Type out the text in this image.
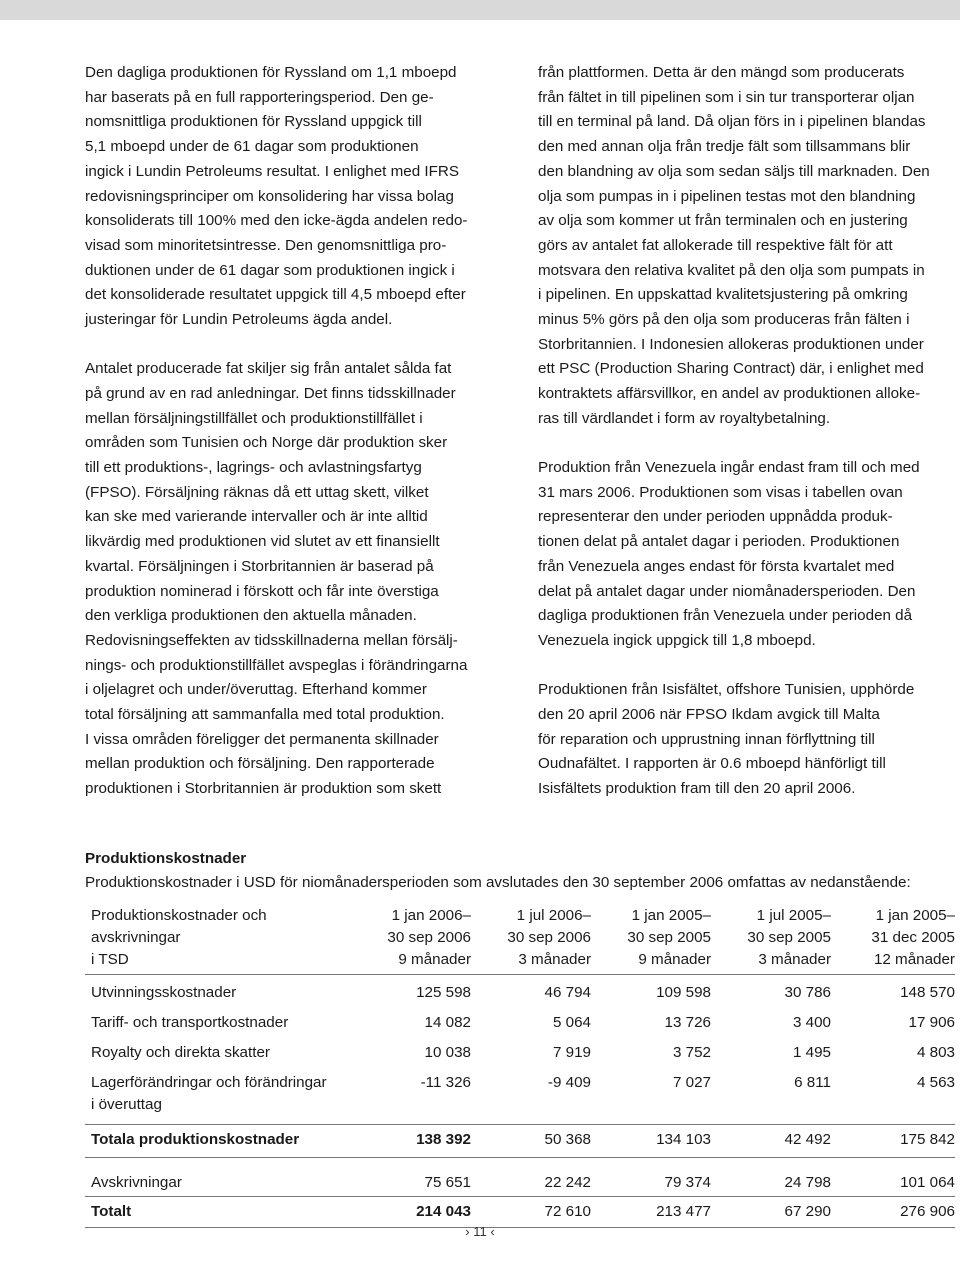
Den dagliga produktionen för Ryssland om 1,1 mboepd
har baserats på en full rapporteringsperiod. Den ge-
nomsnittliga produktionen för Ryssland uppgick till
5,1 mboepd under de 61 dagar som produktionen
ingick i Lundin Petroleums resultat. I enlighet med IFRS
redovisningsprinciper om konsolidering har vissa bolag
konsoliderats till 100% med den icke-ägda andelen redo-
visad som minoritetsintresse. Den genomsnittliga pro-
duktionen under de 61 dagar som produktionen ingick i
det konsoliderade resultatet uppgick till 4,5 mboepd efter
justeringar för Lundin Petroleums ägda andel.

Antalet producerade fat skiljer sig från antalet sålda fat
på grund av en rad anledningar. Det finns tidsskillnader
mellan försäljningstillfället och produktionstillfället i
områden som Tunisien och Norge där produktion sker
till ett produktions-, lagrings- och avlastningsfartyg
(FPSO). Försäljning räknas då ett uttag skett, vilket
kan ske med varierande intervaller och är inte alltid
likvärdig med produktionen vid slutet av ett finansiellt
kvartal. Försäljningen i Storbritannien är baserad på
produktion nominerad i förskott och får inte överstiga
den verkliga produktionen den aktuella månaden.
Redovisningseffekten av tidsskillnaderna mellan försälj-
nings- och produktionstillfället avspeglas i förändringarna
i oljelagret och under/överuttag. Efterhand kommer
total försäljning att sammanfalla med total produktion.
I vissa områden föreligger det permanenta skillnader
mellan produktion och försäljning. Den rapporterade
produktionen i Storbritannien är produktion som skett

från plattformen. Detta är den mängd som producerats
från fältet in till pipelinen som i sin tur transporterar oljan
till en terminal på land. Då oljan förs in i pipelinen blandas
den med annan olja från tredje fält som tillsammans blir
den blandning av olja som sedan säljs till marknaden. Den
olja som pumpas in i pipelinen testas mot den blandning
av olja som kommer ut från terminalen och en justering
görs av antalet fat allokerade till respektive fält för att
motsvara den relativa kvalitet på den olja som pumpats in
i pipelinen. En uppskattad kvalitetsjustering på omkring
minus 5% görs på den olja som produceras från fälten i
Storbritannien. I Indonesien allokeras produktionen under
ett PSC (Production Sharing Contract) där, i enlighet med
kontraktets affärsvillkor, en andel av produktionen alloke-
ras till värdlandet i form av royaltybetalning.

Produktion från Venezuela ingår endast fram till och med
31 mars 2006. Produktionen som visas i tabellen ovan
representerar den under perioden uppnådda produk-
tionen delat på antalet dagar i perioden. Produktionen
från Venezuela anges endast för första kvartalet med
delat på antalet dagar under niomånadersperioden. Den
dagliga produktionen från Venezuela under perioden då
Venezuela ingick uppgick till 1,8 mboepd.

Produktionen från Isisfältet, offshore Tunisien, upphörde
den 20 april 2006 när FPSO Ikdam avgick till Malta
för reparation och upprustning innan förflyttning till
Oudnafältet. I rapporten är 0.6 mboepd hänförligt till
Isisfältets produktion fram till den 20 april 2006.

Produktionskostnader

Produktionskostnader i USD för niomånadersperioden som avslutades den 30 september 2006 omfattas av nedanstående:

Produktionskostnader och
avskrivningar
i TSD	1 jan 2006–
30 sep 2006
9 månader	1 jul 2006–
30 sep 2006
3 månader	1 jan 2005–
30 sep 2005
9 månader	1 jul 2005–
30 sep 2005
3 månader	1 jan 2005–
31 dec 2005
12 månader

Utvinningsskostnader	125 598	46 794	109 598	30 786	148 570
Tariff- och transportkostnader	14 082	5 064	13 726	3 400	17 906
Royalty och direkta skatter	10 038	7 919	3 752	1 495	4 803

Lagerförändringar och förändringar
i överuttag	-11 326	-9 409	7 027	6 811	4 563
Totala produktionskostnader	138 392	50 368	134 103	42 492	175 842
Avskrivningar	75 651	22 242	79 374	24 798	101 064
Totalt	214 043	72 610	213 477	67 290	276 906
› 11 ‹
